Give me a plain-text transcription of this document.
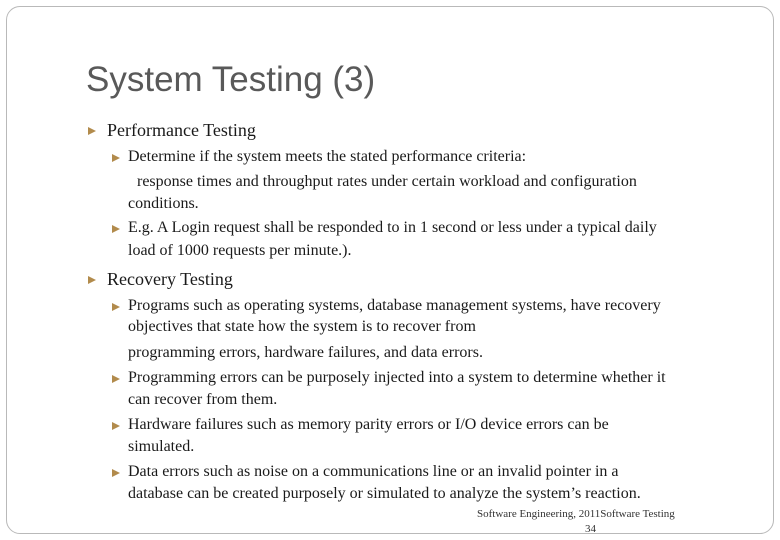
System Testing (3)
Performance Testing
Determine if the system meets the stated performance criteria:
response times and throughput rates under certain workload and configuration
conditions.
E.g. A Login request shall be responded to in 1 second or less under a typical daily
load of 1000 requests per minute.).
Recovery Testing
Programs such as operating systems, database management systems, have recovery
objectives that state how the system is to recover from
programming errors, hardware failures, and data errors.
Programming errors can be purposely injected into a system to determine whether it
can recover from them.
Hardware failures such as memory parity errors or I/O device errors can be
simulated.
Data errors such as noise on a communications line or an invalid pointer in a
database can be created purposely or simulated to analyze the system’s reaction.
Software Engineering, 2011Software Testing
34
